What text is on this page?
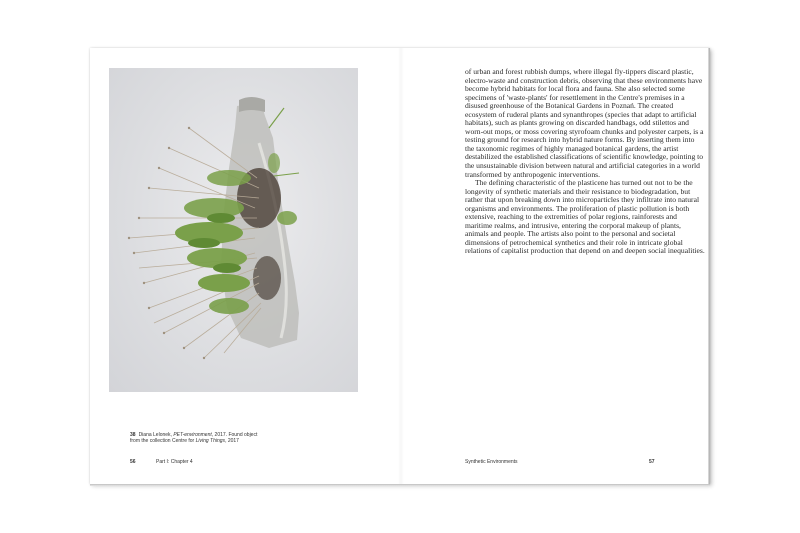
38 Diana Lelonek, PET-environment, 2017. Found object
from the collection Centre for Living Things, 2017
56	Part I: Chapter 4

of urban and forest rubbish dumps, where illegal fly-tippers discard plastic, electro-waste and construction debris, observing that these environments have become hybrid habitats for local flora and fauna. She also selected some specimens of 'waste-plants' for resettlement in the Centre's premises in a disused greenhouse of the Botanical Gardens in Poznań. The created ecosystem of ruderal plants and synanthropes (species that adapt to artificial habitats), such as plants growing on discarded handbags, odd stilettos and worn-out mops, or moss covering styrofoam chunks and polyester carpets, is a testing ground for research into hybrid nature forms. By inserting them into the taxonomic regimes of highly managed botanical gardens, the artist destabilized the established classifications of scientific knowledge, pointing to the unsustainable division between natural and artificial categories in a world transformed by anthropogenic interventions.

The defining characteristic of the plasticene has turned out not to be the longevity of synthetic materials and their resistance to biodegradation, but rather that upon breaking down into microparticles they infiltrate into natural organisms and environments. The proliferation of plastic pollution is both extensive, reaching to the extremities of polar regions, rainforests and maritime realms, and intrusive, entering the corporal makeup of plants, animals and people. The artists also point to the personal and societal dimensions of petrochemical synthetics and their role in intricate global relations of capitalist production that depend on and deepen social inequalities.

Synthetic Environments	57
